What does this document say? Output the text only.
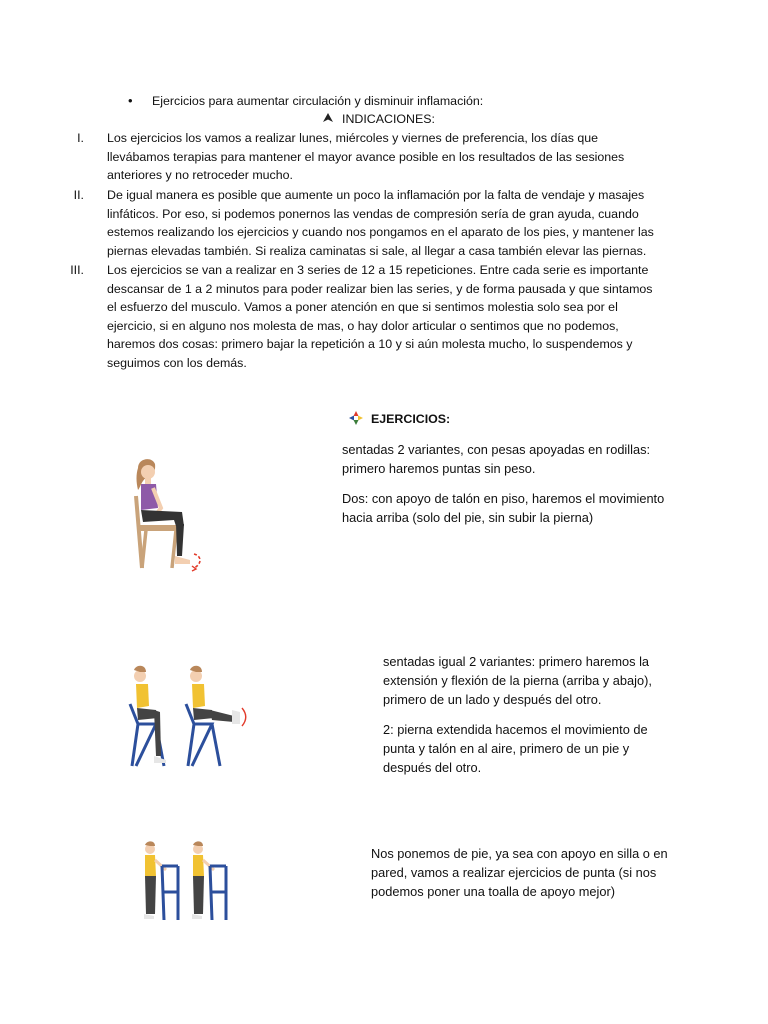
• Ejercicios para aumentar circulación y disminuir inflamación:
INDICACIONES:
I. Los ejercicios los vamos a realizar lunes, miércoles y viernes de preferencia, los días que
llevábamos terapias para mantener el mayor avance posible en los resultados de las sesiones
anteriores y no retroceder mucho.
II. De igual manera es posible que aumente un poco la inflamación por la falta de vendaje y masajes
linfáticos. Por eso, si podemos ponernos las vendas de compresión sería de gran ayuda, cuando
estemos realizando los ejercicios y cuando nos pongamos en el aparato de los pies, y mantener las
piernas elevadas también. Si realiza caminatas si sale, al llegar a casa también elevar las piernas.
III. Los ejercicios se van a realizar en 3 series de 12 a 15 repeticiones. Entre cada serie es importante
descansar de 1 a 2 minutos para poder realizar bien las series, y de forma pausada y que sintamos
el esfuerzo del musculo. Vamos a poner atención en que si sentimos molestia solo sea por el
ejercicio, si en alguno nos molesta de mas, o hay dolor articular o sentimos que no podemos,
haremos dos cosas: primero bajar la repetición a 10 y si aún molesta mucho, lo suspendemos y
seguimos con los demás.
EJERCICIOS:

sentadas 2 variantes, con pesas apoyadas en rodillas:
primero haremos puntas sin peso.

Dos: con apoyo de talón en piso, haremos el movimiento
hacia arriba (solo del pie, sin subir la pierna)

sentadas igual 2 variantes: primero haremos la
extensión y flexión de la pierna (arriba y abajo),
primero de un lado y después del otro.

2: pierna extendida hacemos el movimiento de
punta y talón en al aire, primero de un pie y
después del otro.

Nos ponemos de pie, ya sea con apoyo en silla o en
pared, vamos a realizar ejercicios de punta (si nos
podemos poner una toalla de apoyo mejor)
